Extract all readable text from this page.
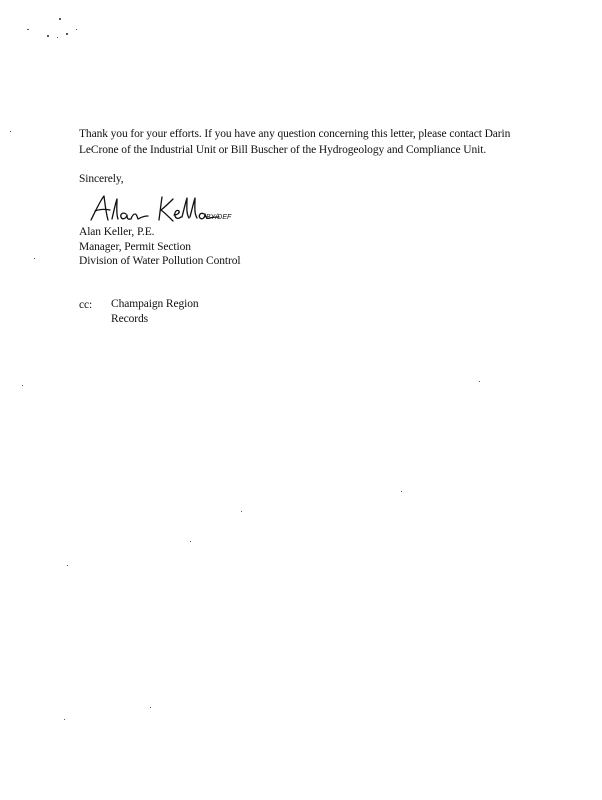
Thank you for your efforts. If you have any question concerning this letter, please contact Darin
LeCrone of the Industrial Unit or Bill Buscher of the Hydrogeology and Compliance Unit.
Sincerely,
BY/DEF
Alan Keller, P.E.
Manager, Permit Section
Division of Water Pollution Control
cc: Champaign Region
Records
